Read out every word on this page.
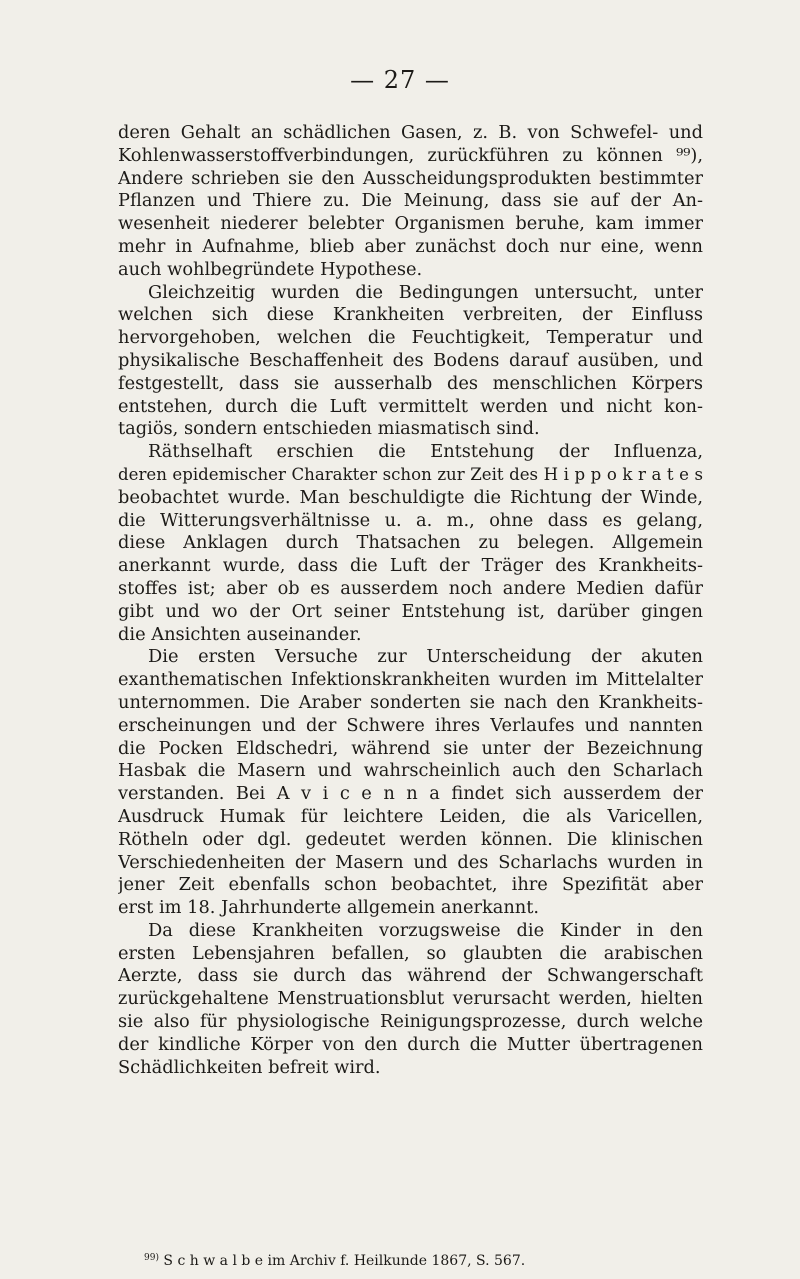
— 27 —
deren Gehalt an schädlichen Gasen, z. B. von Schwefel- und
Kohlenwasserstoffverbindungen, zurückführen zu können ⁹⁹),
Andere schrieben sie den Ausscheidungsprodukten bestimmter
Pflanzen und Thiere zu. Die Meinung, dass sie auf der An-
wesenheit niederer belebter Organismen beruhe, kam immer
mehr in Aufnahme, blieb aber zunächst doch nur eine, wenn
auch wohlbegründete Hypothese.
Gleichzeitig wurden die Bedingungen untersucht, unter
welchen sich diese Krankheiten verbreiten, der Einfluss
hervorgehoben, welchen die Feuchtigkeit, Temperatur und
physikalische Beschaffenheit des Bodens darauf ausüben, und
festgestellt, dass sie ausserhalb des menschlichen Körpers
entstehen, durch die Luft vermittelt werden und nicht kon-
tagiös, sondern entschieden miasmatisch sind.
Räthselhaft erschien die Entstehung der Influenza,
deren epidemischer Charakter schon zur Zeit des H i p p o k r a t e s
beobachtet wurde. Man beschuldigte die Richtung der Winde,
die Witterungsverhältnisse u. a. m., ohne dass es gelang,
diese Anklagen durch Thatsachen zu belegen. Allgemein
anerkannt wurde, dass die Luft der Träger des Krankheits-
stoffes ist; aber ob es ausserdem noch andere Medien dafür
gibt und wo der Ort seiner Entstehung ist, darüber gingen
die Ansichten auseinander.
Die ersten Versuche zur Unterscheidung der akuten
exanthematischen Infektionskrankheiten wurden im Mittelalter
unternommen. Die Araber sonderten sie nach den Krankheits-
erscheinungen und der Schwere ihres Verlaufes und nannten
die Pocken Eldschedri, während sie unter der Bezeichnung
Hasbak die Masern und wahrscheinlich auch den Scharlach
verstanden. Bei A v i c e n n a findet sich ausserdem der
Ausdruck Humak für leichtere Leiden, die als Varicellen,
Rötheln oder dgl. gedeutet werden können. Die klinischen
Verschiedenheiten der Masern und des Scharlachs wurden in
jener Zeit ebenfalls schon beobachtet, ihre Spezifität aber
erst im 18. Jahrhunderte allgemein anerkannt.
Da diese Krankheiten vorzugsweise die Kinder in den
ersten Lebensjahren befallen, so glaubten die arabischen
Aerzte, dass sie durch das während der Schwangerschaft
zurückgehaltene Menstruationsblut verursacht werden, hielten
sie also für physiologische Reinigungsprozesse, durch welche
der kindliche Körper von den durch die Mutter übertragenen
Schädlichkeiten befreit wird.
$^{99)}$ S c h w a l b e im Archiv f. Heilkunde 1867, S. 567.
